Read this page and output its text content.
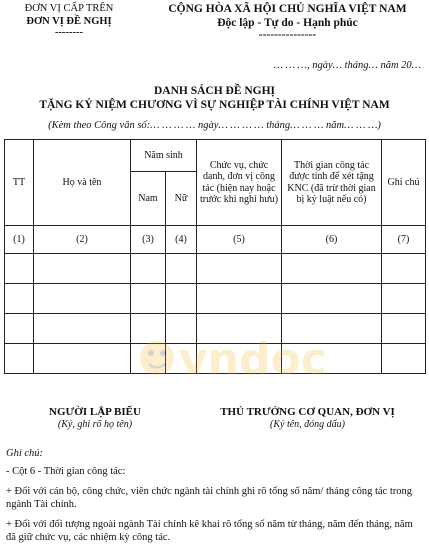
ĐƠN VỊ CẤP TRÊN
ĐƠN VỊ ĐỀ NGHỊ
--------
CỘNG HÒA XÃ HỘI CHỦ NGHĨA VIỆT NAM
Độc lập - Tự do - Hạnh phúc
---------------
… … …, ngày… tháng… năm 20…
DANH SÁCH ĐỀ NGHỊ
TẶNG KỶ NIỆM CHƯƠNG VÌ SỰ NGHIỆP TÀI CHÍNH VIỆT NAM
(Kèm theo Công văn số:… … … … ngày… … … … tháng… … … năm… … …)
TT	Họ và tên	Năm sinh		Chức vụ, chức danh, đơn vị công tác (hiện nay hoặc trước khi nghỉ hưu)	Thời gian công tác được tính để xét tặng KNC (đã trừ thời gian bị kỷ luật nếu có)	Ghi chú
		Nam	Nữ			
(1)	(2)	(3)	(4)	(5)	(6)	(7)

vndoc
NGƯỜI LẬP BIỂU
(Ký, ghi rõ họ tên)
THỦ TRƯỞNG CƠ QUAN, ĐƠN VỊ
(Ký tên, đóng dấu)
Ghi chú:
- Cột 6 - Thời gian công tác:
+ Đối với cán bộ, công chức, viên chức ngành tài chính ghi rõ tổng số năm/ tháng công tác trong ngành Tài chính.
+ Đối với đối tượng ngoài ngành Tài chính kê khai rõ tổng số năm từ tháng, năm đến tháng, năm đã giữ chức vụ, các nhiệm kỳ công tác.
